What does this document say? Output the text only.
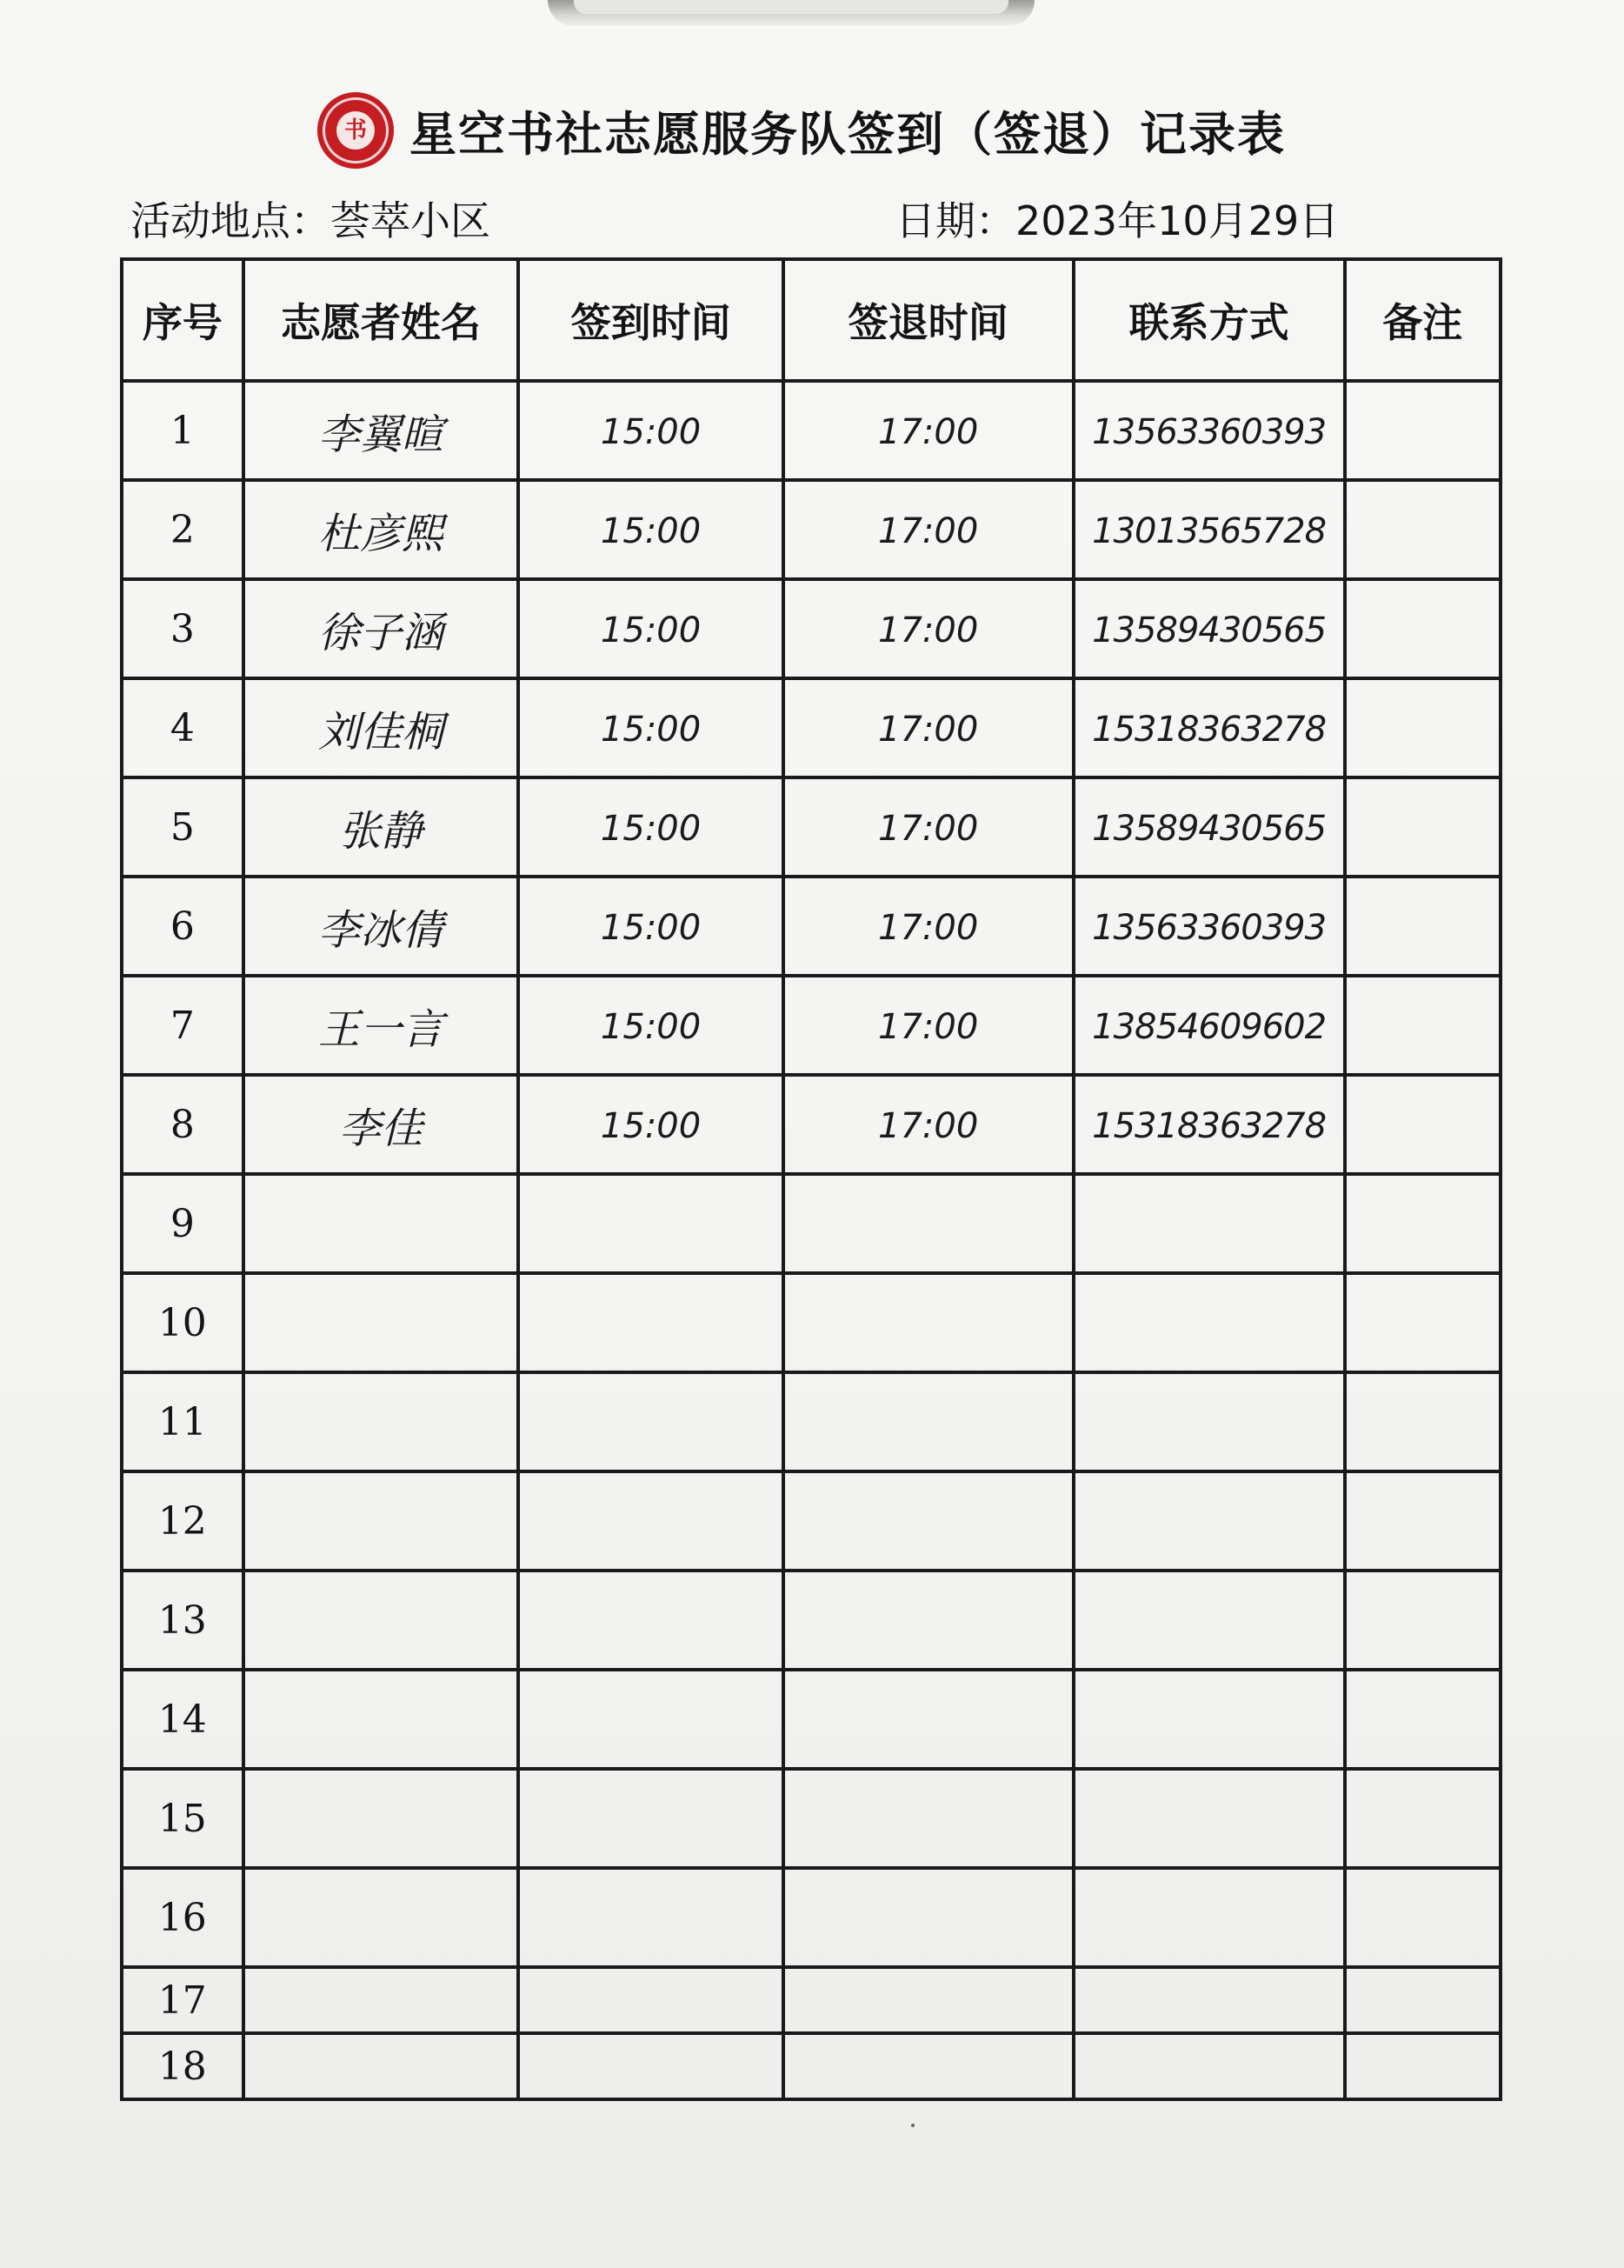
书 星空书社志愿服务队签到（签退）记录表
活动地点：荟萃小区	日期：2023年10月29日
序号	志愿者姓名	签到时间	签退时间	联系方式	备注
1	李翼暄	15:00	17:00	13563360393	
2	杜彦熙	15:00	17:00	13013565728	
3	徐子涵	15:00	17:00	13589430565	
4	刘佳桐	15:00	17:00	15318363278	
5	张静	15:00	17:00	13589430565	
6	李冰倩	15:00	17:00	13563360393	
7	王一言	15:00	17:00	13854609602	
8	李佳	15:00	17:00	15318363278	
9					
10					
11					
12					
13					
14					
15					
16					
17					
18					
